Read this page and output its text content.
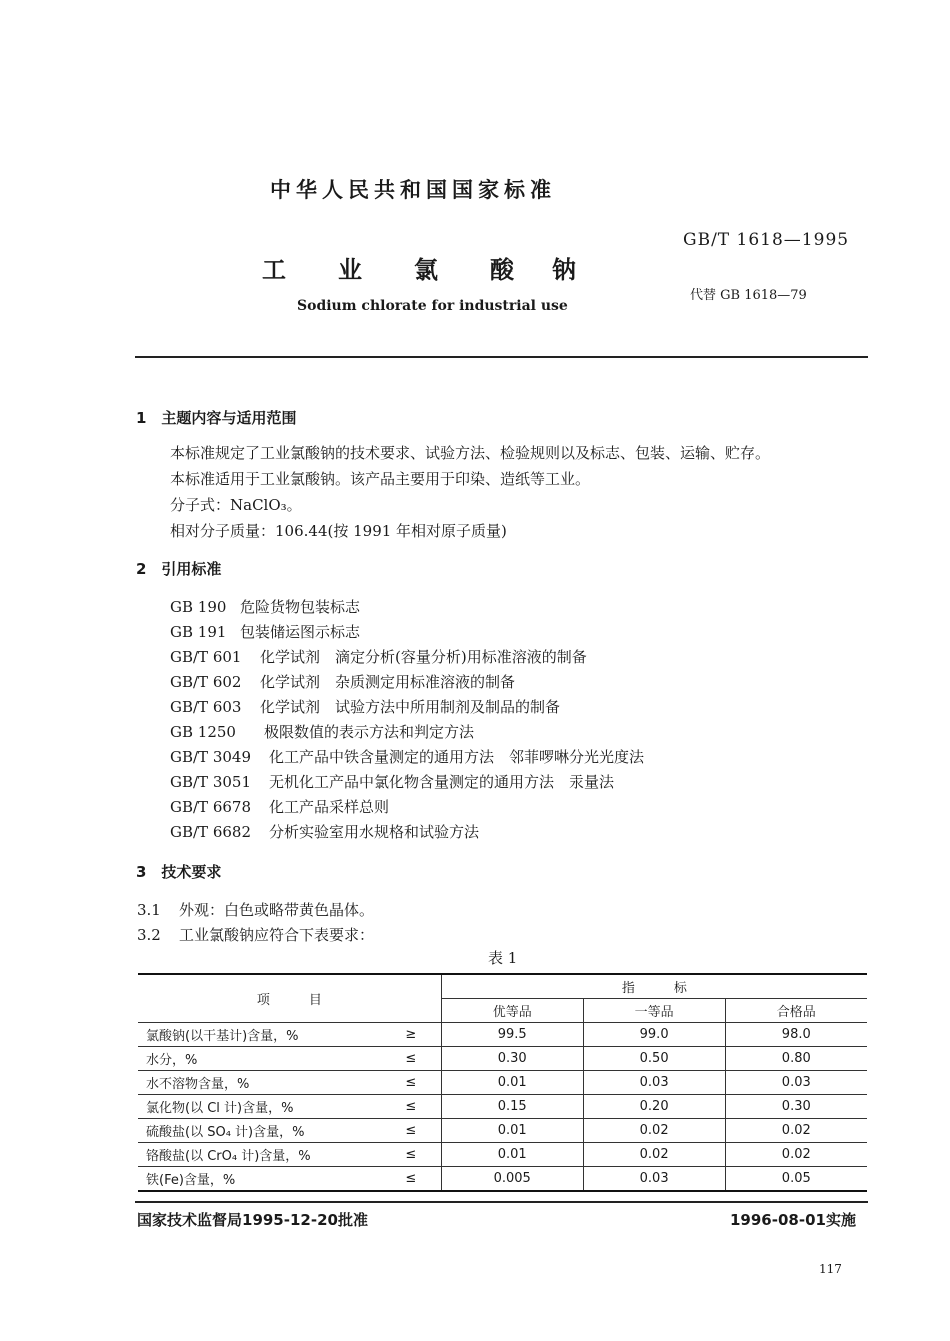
中华人民共和国国家标准
GB/T 1618—1995
工 业 氯 酸 钠
代替 GB 1618—79
Sodium chlorate for industrial use
1　主题内容与适用范围
本标准规定了工业氯酸钠的技术要求、试验方法、检验规则以及标志、包装、运输、贮存。
本标准适用于工业氯酸钠。该产品主要用于印染、造纸等工业。
分子式：NaClO₃。
相对分子质量：106.44(按 1991 年相对原子质量)
2　引用标准
GB 190 危险货物包装标志
GB 191 包装储运图示标志
GB/T 601 化学试剂　滴定分析(容量分析)用标准溶液的制备
GB/T 602 化学试剂　杂质测定用标准溶液的制备
GB/T 603 化学试剂　试验方法中所用制剂及制品的制备
GB 1250 极限数值的表示方法和判定方法
GB/T 3049 化工产品中铁含量测定的通用方法　邻菲啰啉分光光度法
GB/T 3051 无机化工产品中氯化物含量测定的通用方法　汞量法
GB/T 6678 化工产品采样总则
GB/T 6682 分析实验室用水规格和试验方法
3　技术要求
3.1 外观：白色或略带黄色晶体。
3.2 工业氯酸钠应符合下表要求：
表 1
项　　　目		指　　　标		
		优等品	一等品	合格品
氯酸钠(以干基计)含量，%	≥	99.5	99.0	98.0
水分，%	≤	0.30	0.50	0.80
水不溶物含量，%	≤	0.01	0.03	0.03
氯化物(以 Cl 计)含量，%	≤	0.15	0.20	0.30
硫酸盐(以 SO₄ 计)含量，%	≤	0.01	0.02	0.02
铬酸盐(以 CrO₄ 计)含量，%	≤	0.01	0.02	0.02
铁(Fe)含量，%	≤	0.005	0.03	0.05
国家技术监督局1995-12-20批准	1996-08-01实施
117
